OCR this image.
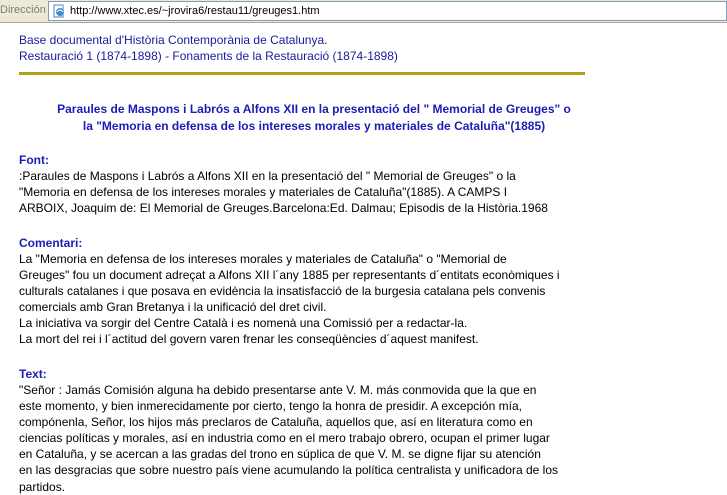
Dirección http://www.xtec.es/~jrovira6/restau11/greuges1.htm
Base documental d'Història Contemporània de Catalunya.
Restauració 1 (1874-1898) - Fonaments de la Restauració (1874-1898)
Paraules de Maspons i Labrós a Alfons XII en la presentació del " Memorial de Greuges" o
la "Memoria en defensa de los intereses morales y materiales de Cataluña"(1885)
Font:
:Paraules de Maspons i Labrós a Alfons XII en la presentació del " Memorial de Greuges" o la
"Memoria en defensa de los intereses morales y materiales de Cataluña"(1885). A CAMPS I
ARBOIX, Joaquim de: El Memorial de Greuges.Barcelona:Ed. Dalmau; Episodis de la Història.1968
Comentari:
La "Memoria en defensa de los intereses morales y materiales de Cataluña" o "Memorial de
Greuges" fou un document adreçat a Alfons XII l´any 1885 per representants d´entitats econòmiques i
culturals catalanes i que posava en evidència la insatisfacció de la burgesia catalana pels convenis
comercials amb Gran Bretanya i la unificació del dret civil.
La iniciativa va sorgir del Centre Català i es nomenà una Comissió per a redactar-la.
La mort del rei i l´actitud del govern varen frenar les conseqüències d´aquest manifest.
Text:
"Señor : Jamás Comisión alguna ha debido presentarse ante V. M. más conmovida que la que en
este momento, y bien inmerecidamente por cierto, tengo la honra de presidir. A excepción mía,
compónenla, Señor, los hijos más preclaros de Cataluña, aquellos que, así en literatura como en
ciencias políticas y morales, así en industria como en el mero trabajo obrero, ocupan el primer lugar
en Cataluña, y se acercan a las gradas del trono en súplica de que V. M. se digne fijar su atención
en las desgracias que sobre nuestro país viene acumulando la política centralista y unificadora de los
partidos.
